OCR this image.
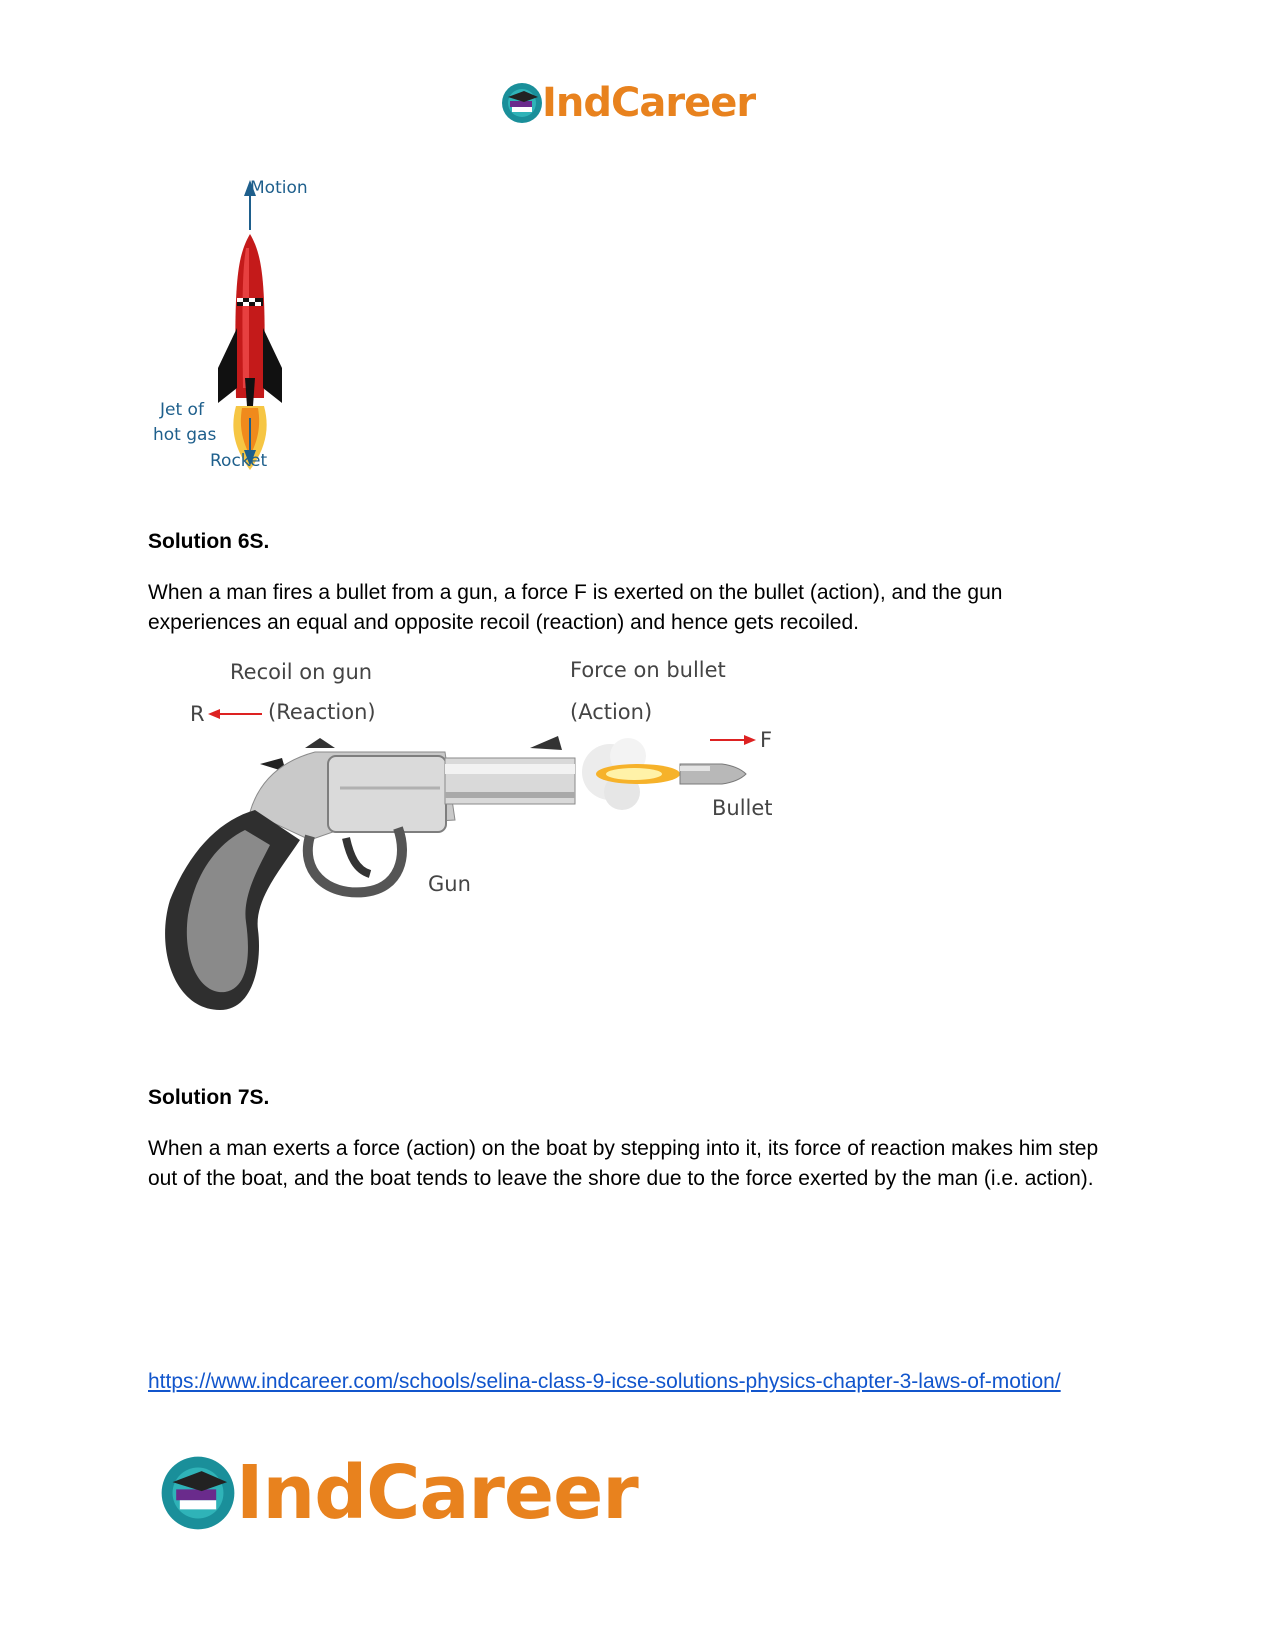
IndCareer
Motion
Jet of
hot gas
Rocket
Solution 6S.
When a man fires a bullet from a gun, a force F is exerted on the bullet (action), and the gun experiences an equal and opposite recoil (reaction) and hence gets recoiled.
Recoil on gun
R	(Reaction)
Force on bullet
(Action)
F
Bullet
Gun
Solution 7S.
When a man exerts a force (action) on the boat by stepping into it, its force of reaction makes him step out of the boat, and the boat tends to leave the shore due to the force exerted by the man (i.e. action).
https://www.indcareer.com/schools/selina-class-9-icse-solutions-physics-chapter-3-laws-of-motion/
IndCareer
